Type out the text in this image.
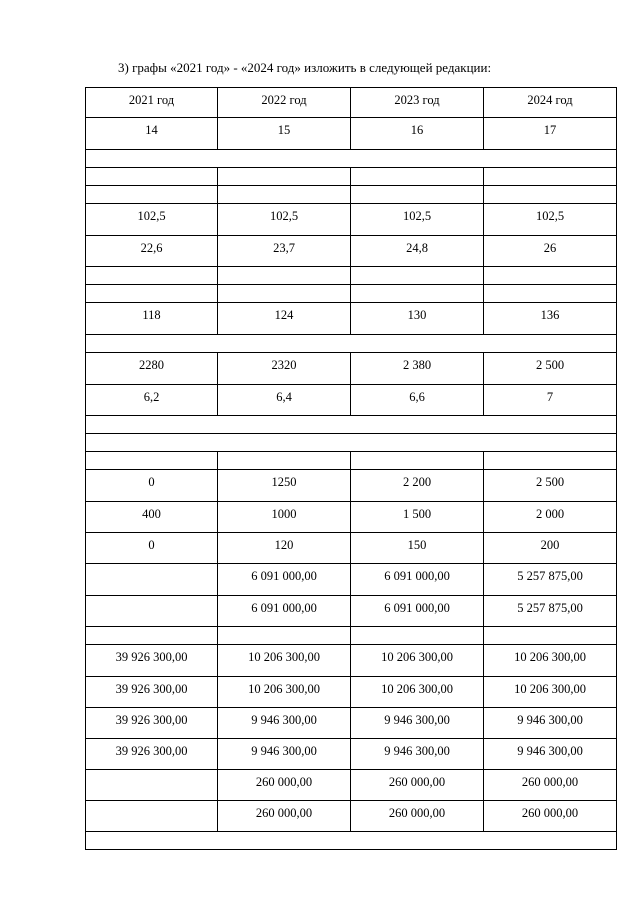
3) графы «2021 год» - «2024 год» изложить в следующей редакции:
2021 год	2022 год	2023 год	2024 год

14	15	16	17

102,5	102,5	102,5	102,5

22,6	23,7	24,8	26

118	124	130	136

2280	2320	2 380	2 500

6,2	6,4	6,6	7

0	1250	2 200	2 500

400	1000	1 500	2 000

0	120	150	200

	6 091 000,00	6 091 000,00	5 257 875,00

	6 091 000,00	6 091 000,00	5 257 875,00

39 926 300,00	10 206 300,00	10 206 300,00	10 206 300,00

39 926 300,00	10 206 300,00	10 206 300,00	10 206 300,00

39 926 300,00	9 946 300,00	9 946 300,00	9 946 300,00

39 926 300,00	9 946 300,00	9 946 300,00	9 946 300,00

	260 000,00	260 000,00	260 000,00

	260 000,00	260 000,00	260 000,00
